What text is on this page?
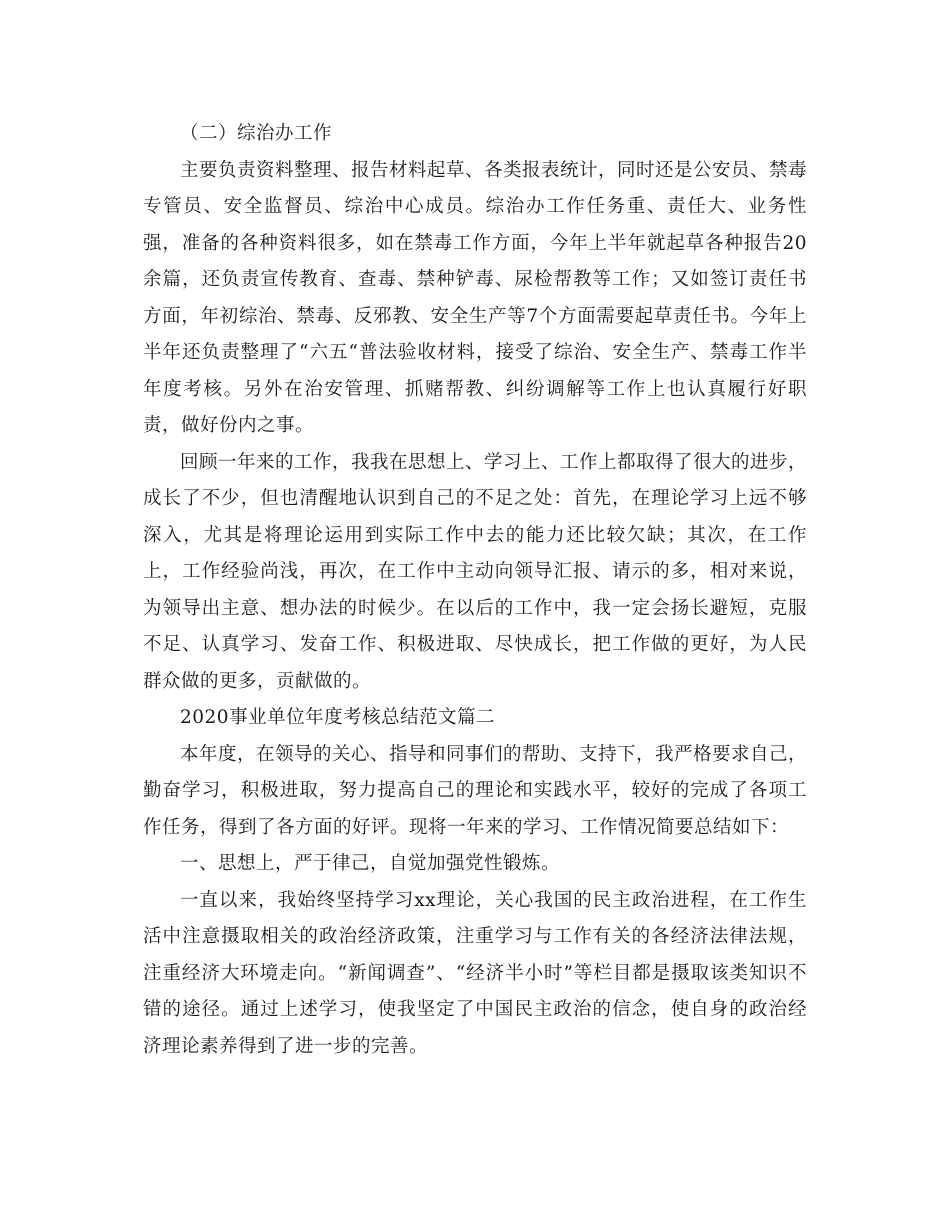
（二）综治办工作

主要负责资料整理、报告材料起草、各类报表统计，同时还是公安员、禁毒专管员、安全监督员、综治中心成员。综治办工作任务重、责任大、业务性强，准备的各种资料很多，如在禁毒工作方面，今年上半年就起草各种报告20余篇，还负责宣传教育、查毒、禁种铲毒、尿检帮教等工作；又如签订责任书方面，年初综治、禁毒、反邪教、安全生产等7个方面需要起草责任书。今年上半年还负责整理了“六五“普法验收材料，接受了综治、安全生产、禁毒工作半年度考核。另外在治安管理、抓赌帮教、纠纷调解等工作上也认真履行好职责，做好份内之事。

回顾一年来的工作，我我在思想上、学习上、工作上都取得了很大的进步，成长了不少，但也清醒地认识到自己的不足之处：首先，在理论学习上远不够深入，尤其是将理论运用到实际工作中去的能力还比较欠缺；其次，在工作上，工作经验尚浅，再次，在工作中主动向领导汇报、请示的多，相对来说，为领导出主意、想办法的时候少。在以后的工作中，我一定会扬长避短，克服不足、认真学习、发奋工作、积极进取、尽快成长，把工作做的更好，为人民群众做的更多，贡献做的。

2020事业单位年度考核总结范文篇二

本年度，在领导的关心、指导和同事们的帮助、支持下，我严格要求自己，勤奋学习，积极进取，努力提高自己的理论和实践水平，较好的完成了各项工作任务，得到了各方面的好评。现将一年来的学习、工作情况简要总结如下：

一、思想上，严于律己，自觉加强党性锻炼。

一直以来，我始终坚持学习xx理论，关心我国的民主政治进程，在工作生活中注意摄取相关的政治经济政策，注重学习与工作有关的各经济法律法规，注重经济大环境走向。“新闻调查”、“经济半小时”等栏目都是摄取该类知识不错的途径。通过上述学习，使我坚定了中国民主政治的信念，使自身的政治经济理论素养得到了进一步的完善。
